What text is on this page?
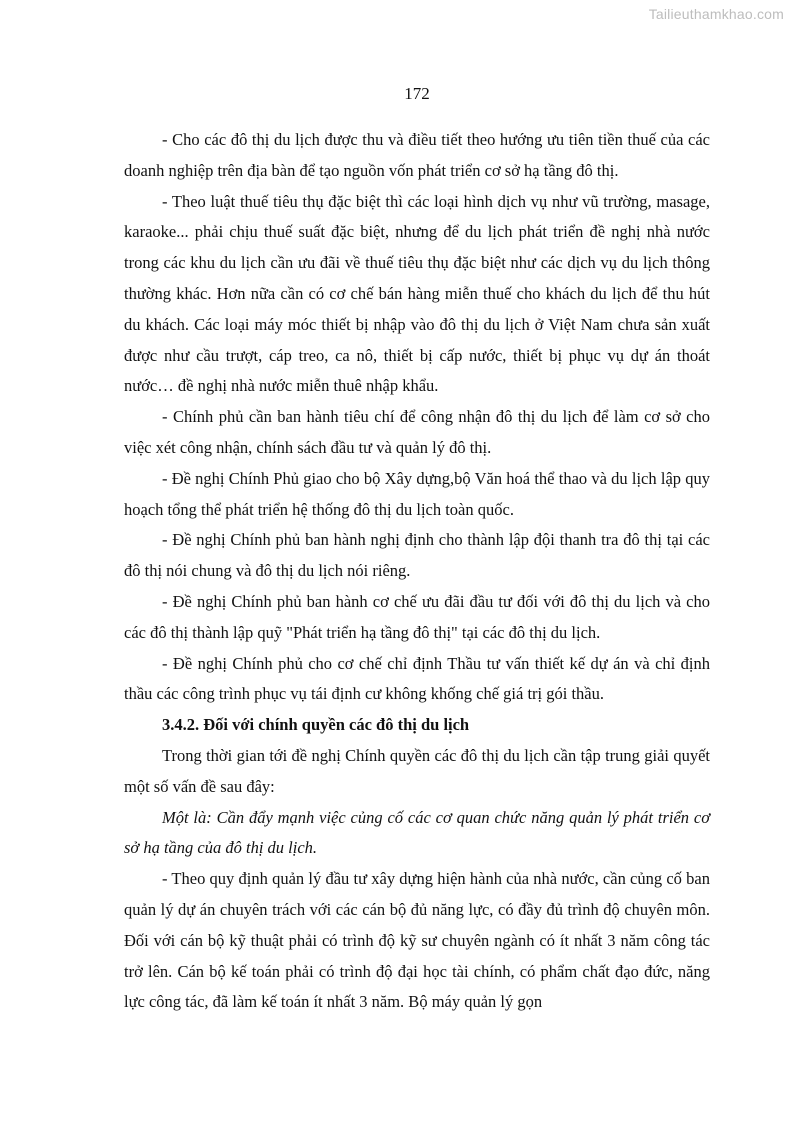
Tailieuthamkhao.com
172

- Cho các đô thị du lịch được thu và điều tiết theo hướng ưu tiên tiền thuế của các doanh nghiệp trên địa bàn để tạo nguồn vốn phát triển cơ sở hạ tầng đô thị.

- Theo luật thuế tiêu thụ đặc biệt thì các loại hình dịch vụ như vũ trường, masage, karaoke... phải chịu thuế suất đặc biệt, nhưng để du lịch phát triển đề nghị nhà nước trong các khu du lịch cần ưu đãi về thuế tiêu thụ đặc biệt như các dịch vụ du lịch thông thường khác. Hơn nữa cần có cơ chế bán hàng miễn thuế cho khách du lịch để thu hút du khách. Các loại máy móc thiết bị nhập vào đô thị du lịch ở Việt Nam chưa sản xuất được như cầu trượt, cáp treo, ca nô, thiết bị cấp nước, thiết bị phục vụ dự án thoát nước… đề nghị nhà nước miễn thuê nhập khẩu.

- Chính phủ cần ban hành tiêu chí để công nhận đô thị du lịch để làm cơ sở cho việc xét công nhận, chính sách đầu tư và quản lý đô thị.

- Đề nghị Chính Phủ giao cho bộ Xây dựng,bộ Văn hoá thể thao và du lịch lập quy hoạch tổng thể phát triển hệ thống đô thị du lịch toàn quốc.

- Đề nghị Chính phủ ban hành nghị định cho thành lập đội thanh tra đô thị tại các đô thị nói chung và đô thị du lịch nói riêng.

- Đề nghị Chính phủ ban hành cơ chế ưu đãi đầu tư đối với đô thị du lịch và cho các đô thị thành lập quỹ "Phát triển hạ tầng đô thị" tại các đô thị du lịch.

- Đề nghị Chính phủ cho cơ chế chỉ định Thầu tư vấn thiết kế dự án và chỉ định thầu các công trình phục vụ tái định cư không khống chế giá trị gói thầu.

3.4.2. Đối với chính quyền các đô thị du lịch

Trong thời gian tới đề nghị Chính quyền các đô thị du lịch cần tập trung giải quyết một số vấn đề sau đây:

Một là: Cần đẩy mạnh việc củng cố các cơ quan chức năng quản lý phát triển cơ sở hạ tầng của đô thị du lịch.

- Theo quy định quản lý đầu tư xây dựng hiện hành của nhà nước, cần củng cố ban quản lý dự án chuyên trách với các cán bộ đủ năng lực, có đầy đủ trình độ chuyên môn. Đối với cán bộ kỹ thuật phải có trình độ kỹ sư chuyên ngành có ít nhất 3 năm công tác trở lên. Cán bộ kế toán phải có trình độ đại học tài chính, có phẩm chất đạo đức, năng lực công tác, đã làm kế toán ít nhất 3 năm. Bộ máy quản lý gọn
